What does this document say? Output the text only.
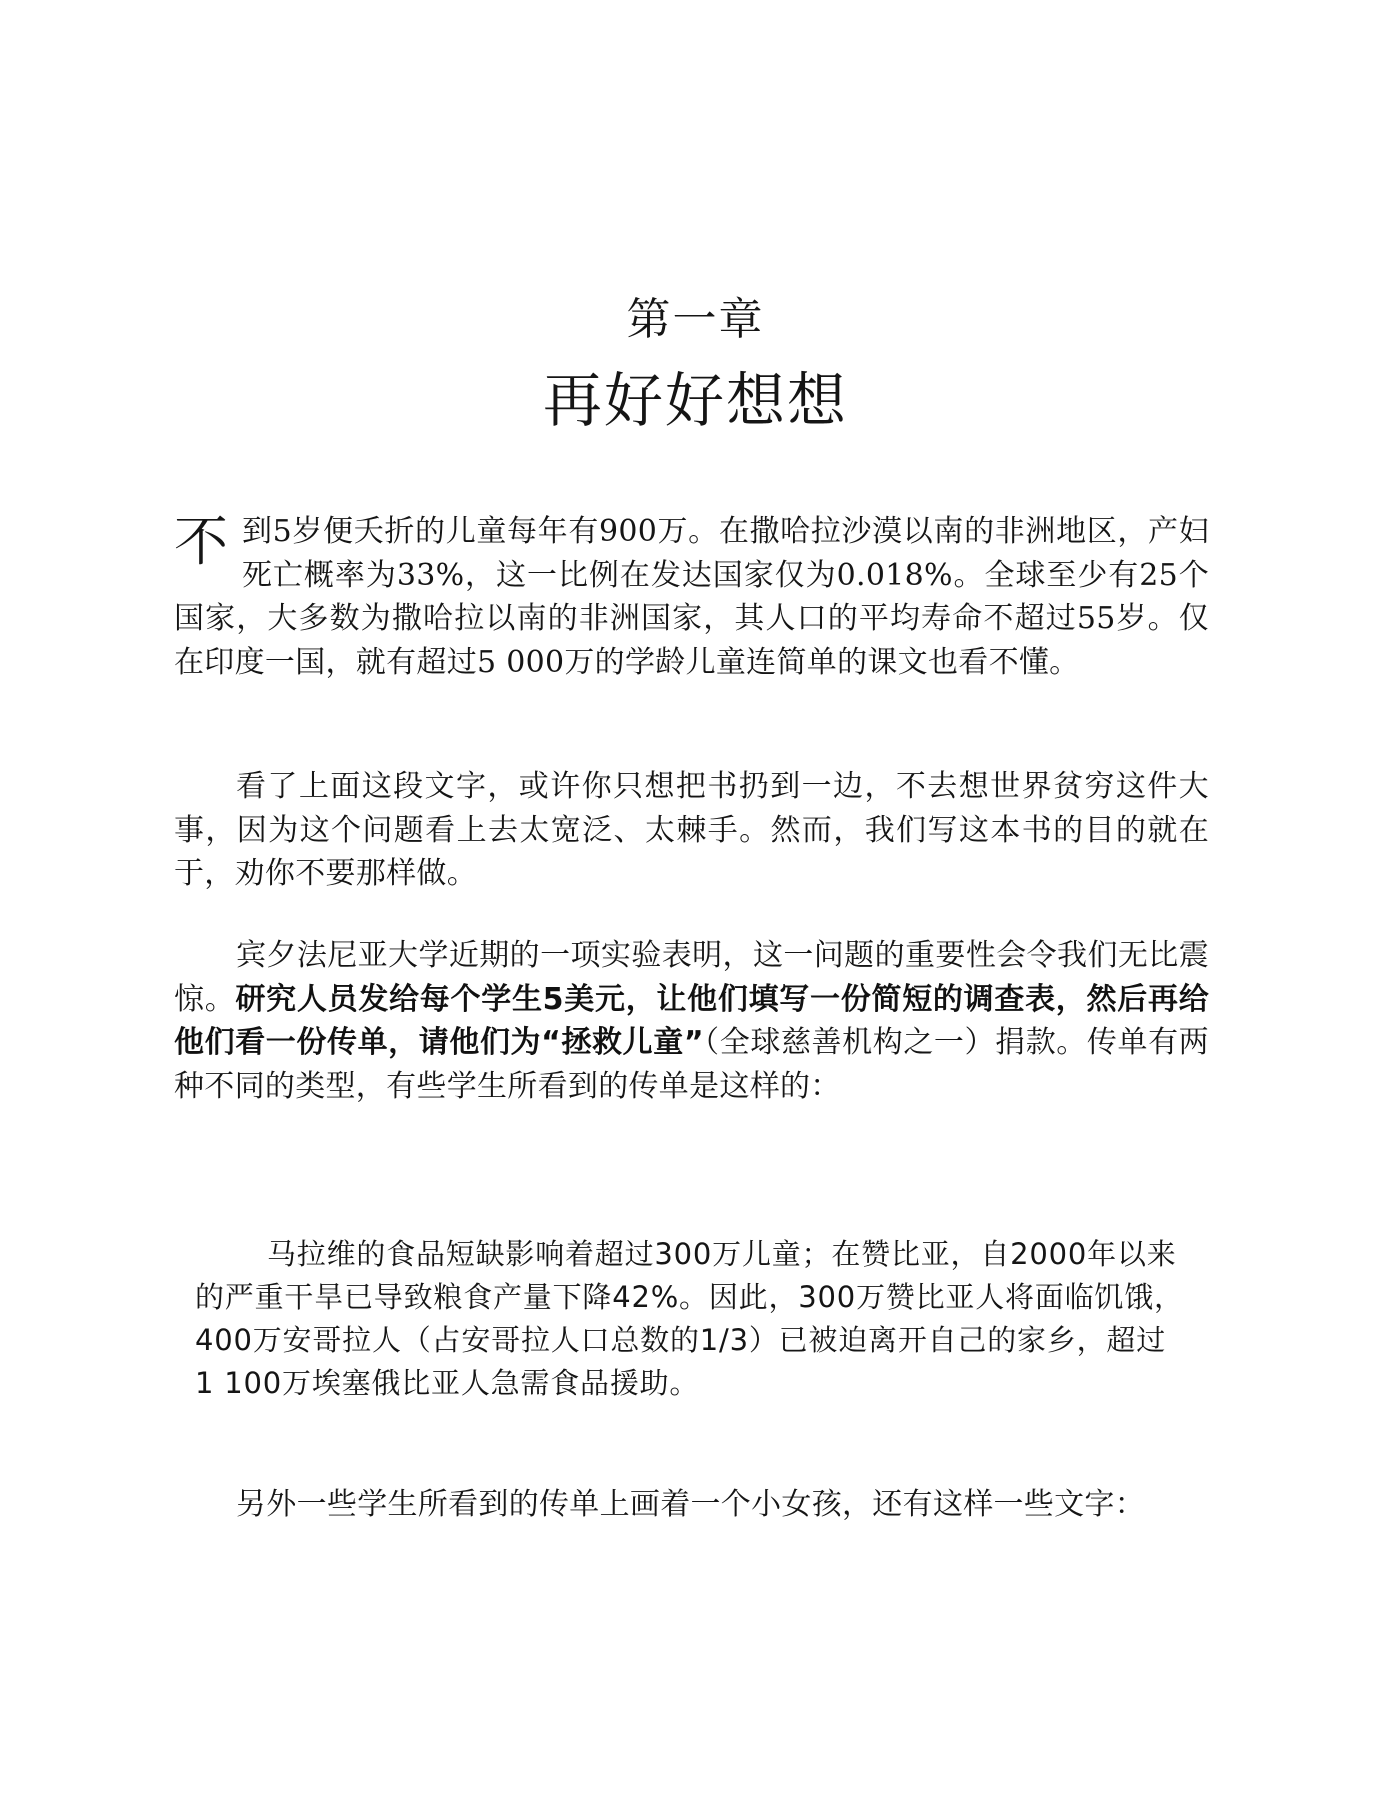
第一章
再好好想想
不到5岁便夭折的儿童每年有900万。在撒哈拉沙漠以南的非洲地区，产妇死亡概率为33%，这一比例在发达国家仅为0.018%。全球至少有25个国家，大多数为撒哈拉以南的非洲国家，其人口的平均寿命不超过55岁。仅在印度一国，就有超过5 000万的学龄儿童连简单的课文也看不懂。
看了上面这段文字，或许你只想把书扔到一边，不去想世界贫穷这件大事，因为这个问题看上去太宽泛、太棘手。然而，我们写这本书的目的就在于，劝你不要那样做。
宾夕法尼亚大学近期的一项实验表明，这一问题的重要性会令我们无比震惊。研究人员发给每个学生5美元，让他们填写一份简短的调查表，然后再给他们看一份传单，请他们为“拯救儿童”（全球慈善机构之一）捐款。传单有两种不同的类型，有些学生所看到的传单是这样的：
马拉维的食品短缺影响着超过300万儿童；在赞比亚，自2000年以来的严重干旱已导致粮食产量下降42%。因此，300万赞比亚人将面临饥饿，400万安哥拉人（占安哥拉人口总数的1/3）已被迫离开自己的家乡，超过1 100万埃塞俄比亚人急需食品援助。
另外一些学生所看到的传单上画着一个小女孩，还有这样一些文字：
